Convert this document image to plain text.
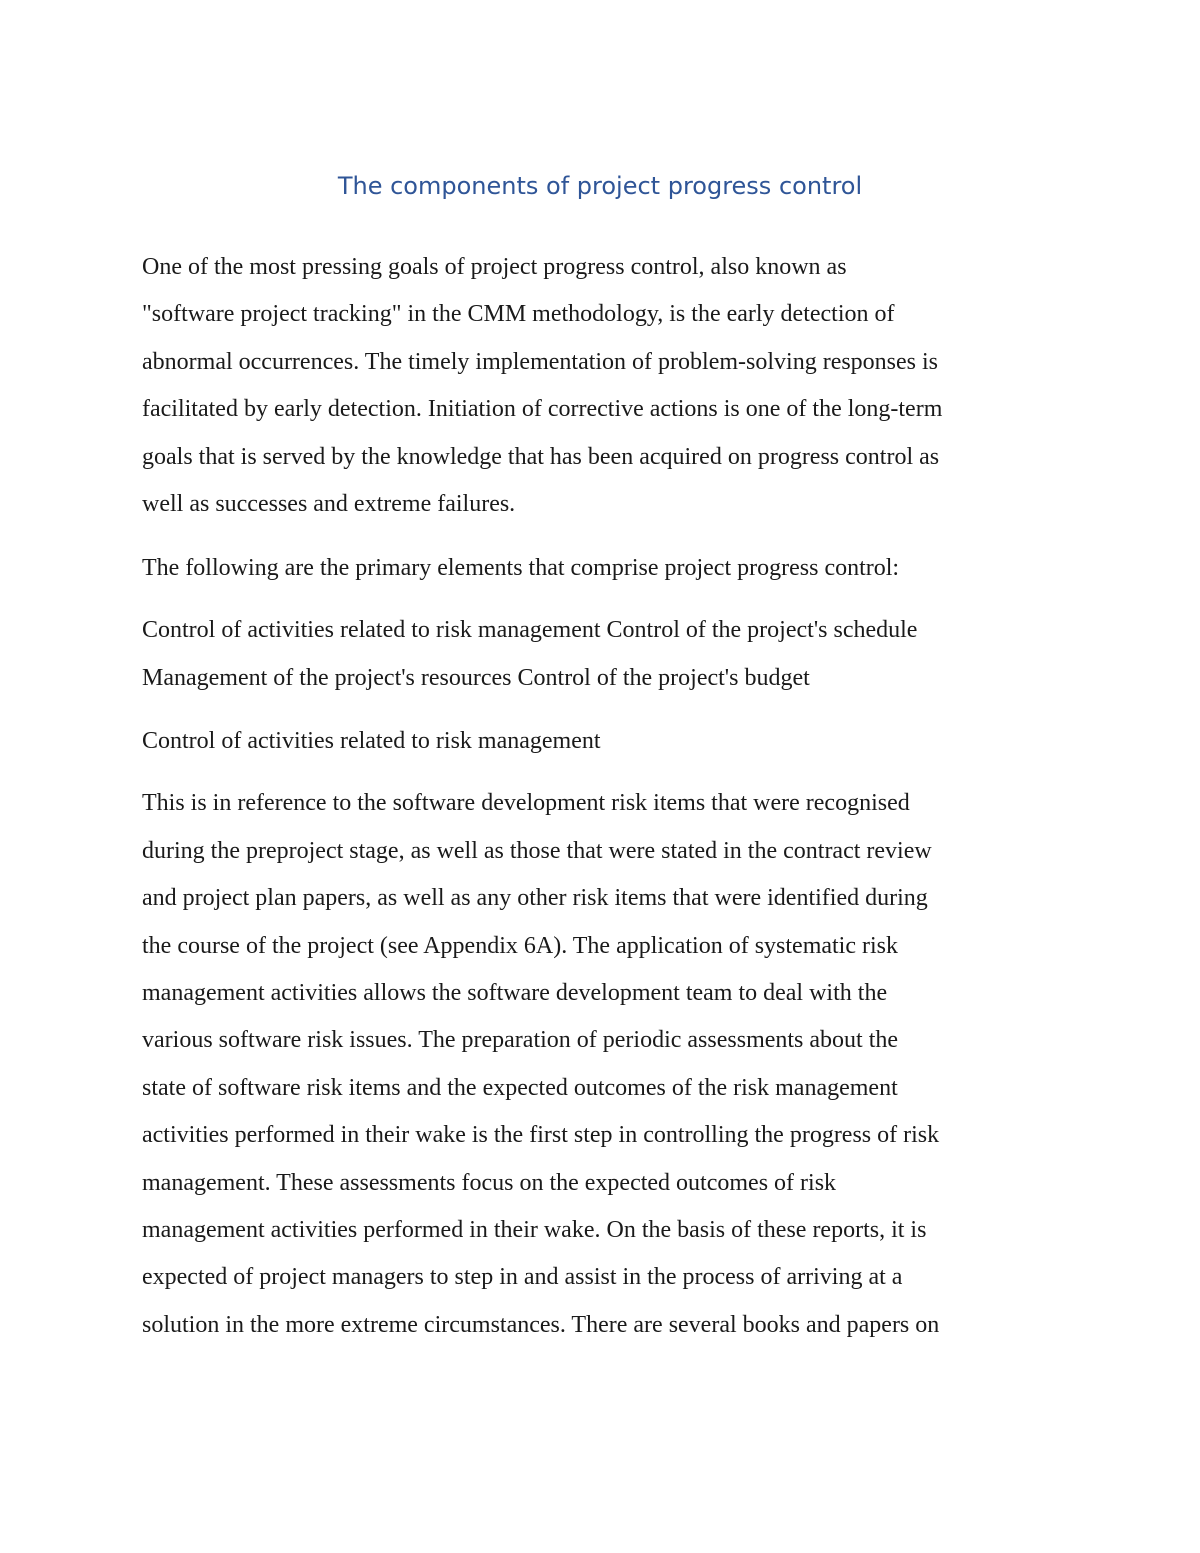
The components of project progress control
One of the most pressing goals of project progress control, also known as
"software project tracking" in the CMM methodology, is the early detection of
abnormal occurrences. The timely implementation of problem-solving responses is
facilitated by early detection. Initiation of corrective actions is one of the long-term
goals that is served by the knowledge that has been acquired on progress control as
well as successes and extreme failures.
The following are the primary elements that comprise project progress control:
Control of activities related to risk management Control of the project's schedule
Management of the project's resources Control of the project's budget
Control of activities related to risk management
This is in reference to the software development risk items that were recognised
during the preproject stage, as well as those that were stated in the contract review
and project plan papers, as well as any other risk items that were identified during
the course of the project (see Appendix 6A). The application of systematic risk
management activities allows the software development team to deal with the
various software risk issues. The preparation of periodic assessments about the
state of software risk items and the expected outcomes of the risk management
activities performed in their wake is the first step in controlling the progress of risk
management. These assessments focus on the expected outcomes of risk
management activities performed in their wake. On the basis of these reports, it is
expected of project managers to step in and assist in the process of arriving at a
solution in the more extreme circumstances. There are several books and papers on
